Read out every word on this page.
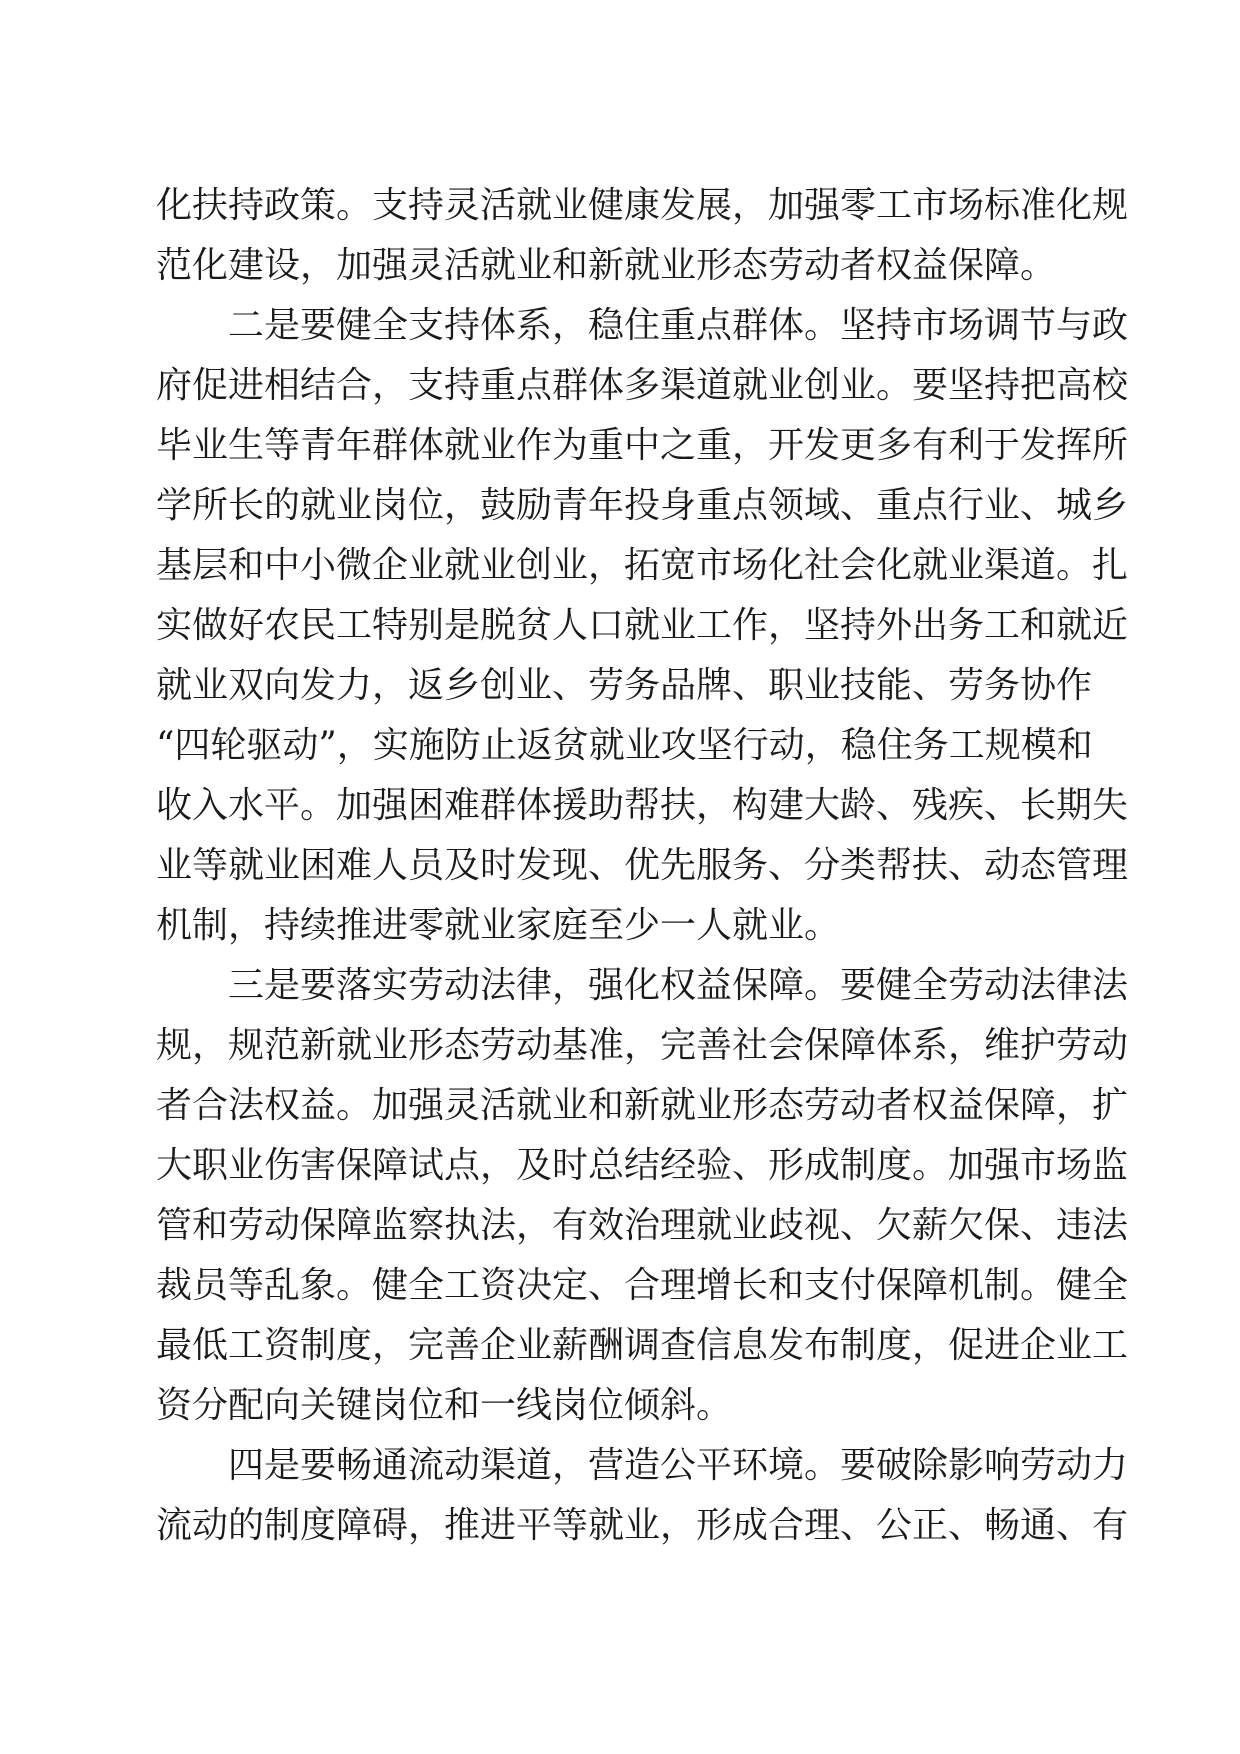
化扶持政策。支持灵活就业健康发展，加强零工市场标准化规
范化建设，加强灵活就业和新就业形态劳动者权益保障。
二是要健全支持体系，稳住重点群体。坚持市场调节与政
府促进相结合，支持重点群体多渠道就业创业。要坚持把高校
毕业生等青年群体就业作为重中之重，开发更多有利于发挥所
学所长的就业岗位，鼓励青年投身重点领域、重点行业、城乡
基层和中小微企业就业创业，拓宽市场化社会化就业渠道。扎
实做好农民工特别是脱贫人口就业工作，坚持外出务工和就近
就业双向发力，返乡创业、劳务品牌、职业技能、劳务协作
“四轮驱动”，实施防止返贫就业攻坚行动，稳住务工规模和
收入水平。加强困难群体援助帮扶，构建大龄、残疾、长期失
业等就业困难人员及时发现、优先服务、分类帮扶、动态管理
机制，持续推进零就业家庭至少一人就业。
三是要落实劳动法律，强化权益保障。要健全劳动法律法
规，规范新就业形态劳动基准，完善社会保障体系，维护劳动
者合法权益。加强灵活就业和新就业形态劳动者权益保障，扩
大职业伤害保障试点，及时总结经验、形成制度。加强市场监
管和劳动保障监察执法，有效治理就业歧视、欠薪欠保、违法
裁员等乱象。健全工资决定、合理增长和支付保障机制。健全
最低工资制度，完善企业薪酬调查信息发布制度，促进企业工
资分配向关键岗位和一线岗位倾斜。
四是要畅通流动渠道，营造公平环境。要破除影响劳动力
流动的制度障碍，推进平等就业，形成合理、公正、畅通、有
